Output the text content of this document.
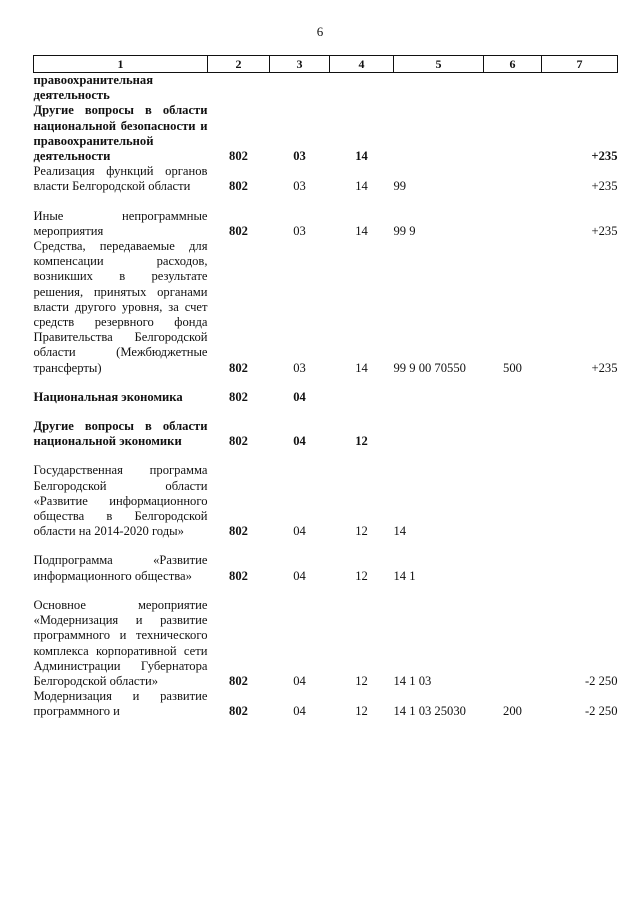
6
1	2	3	4	5	6	7
правоохранительная деятельность						
Другие вопросы в области национальной безопасности и правоохранительной деятельности	802	03	14			+235
Реализация функций органов власти Белгородской области	802	03	14	99		+235

Иные непрограммные мероприятия	802	03	14	99 9		+235
Средства, передаваемые для компенсации расходов, возникших в результате решения, принятых органами власти другого уровня, за счет средств резервного фонда Правительства Белгородской области (Межбюджетные трансферты)	802	03	14	99 9 00 70550	500	+235

Национальная экономика	802	04				

Другие вопросы в области национальной экономики	802	04	12			

Государственная программа Белгородской области «Развитие информационного общества в Белгородской области на 2014-2020 годы»	802	04	12	14		

Подпрограмма «Развитие информационного общества»	802	04	12	14 1		

Основное мероприятие «Модернизация и развитие программного и технического комплекса корпоративной сети Администрации Губернатора Белгородской области»	802	04	12	14 1 03		-2 250
Модернизация и развитие программного и	802	04	12	14 1 03 25030	200	-2 250
